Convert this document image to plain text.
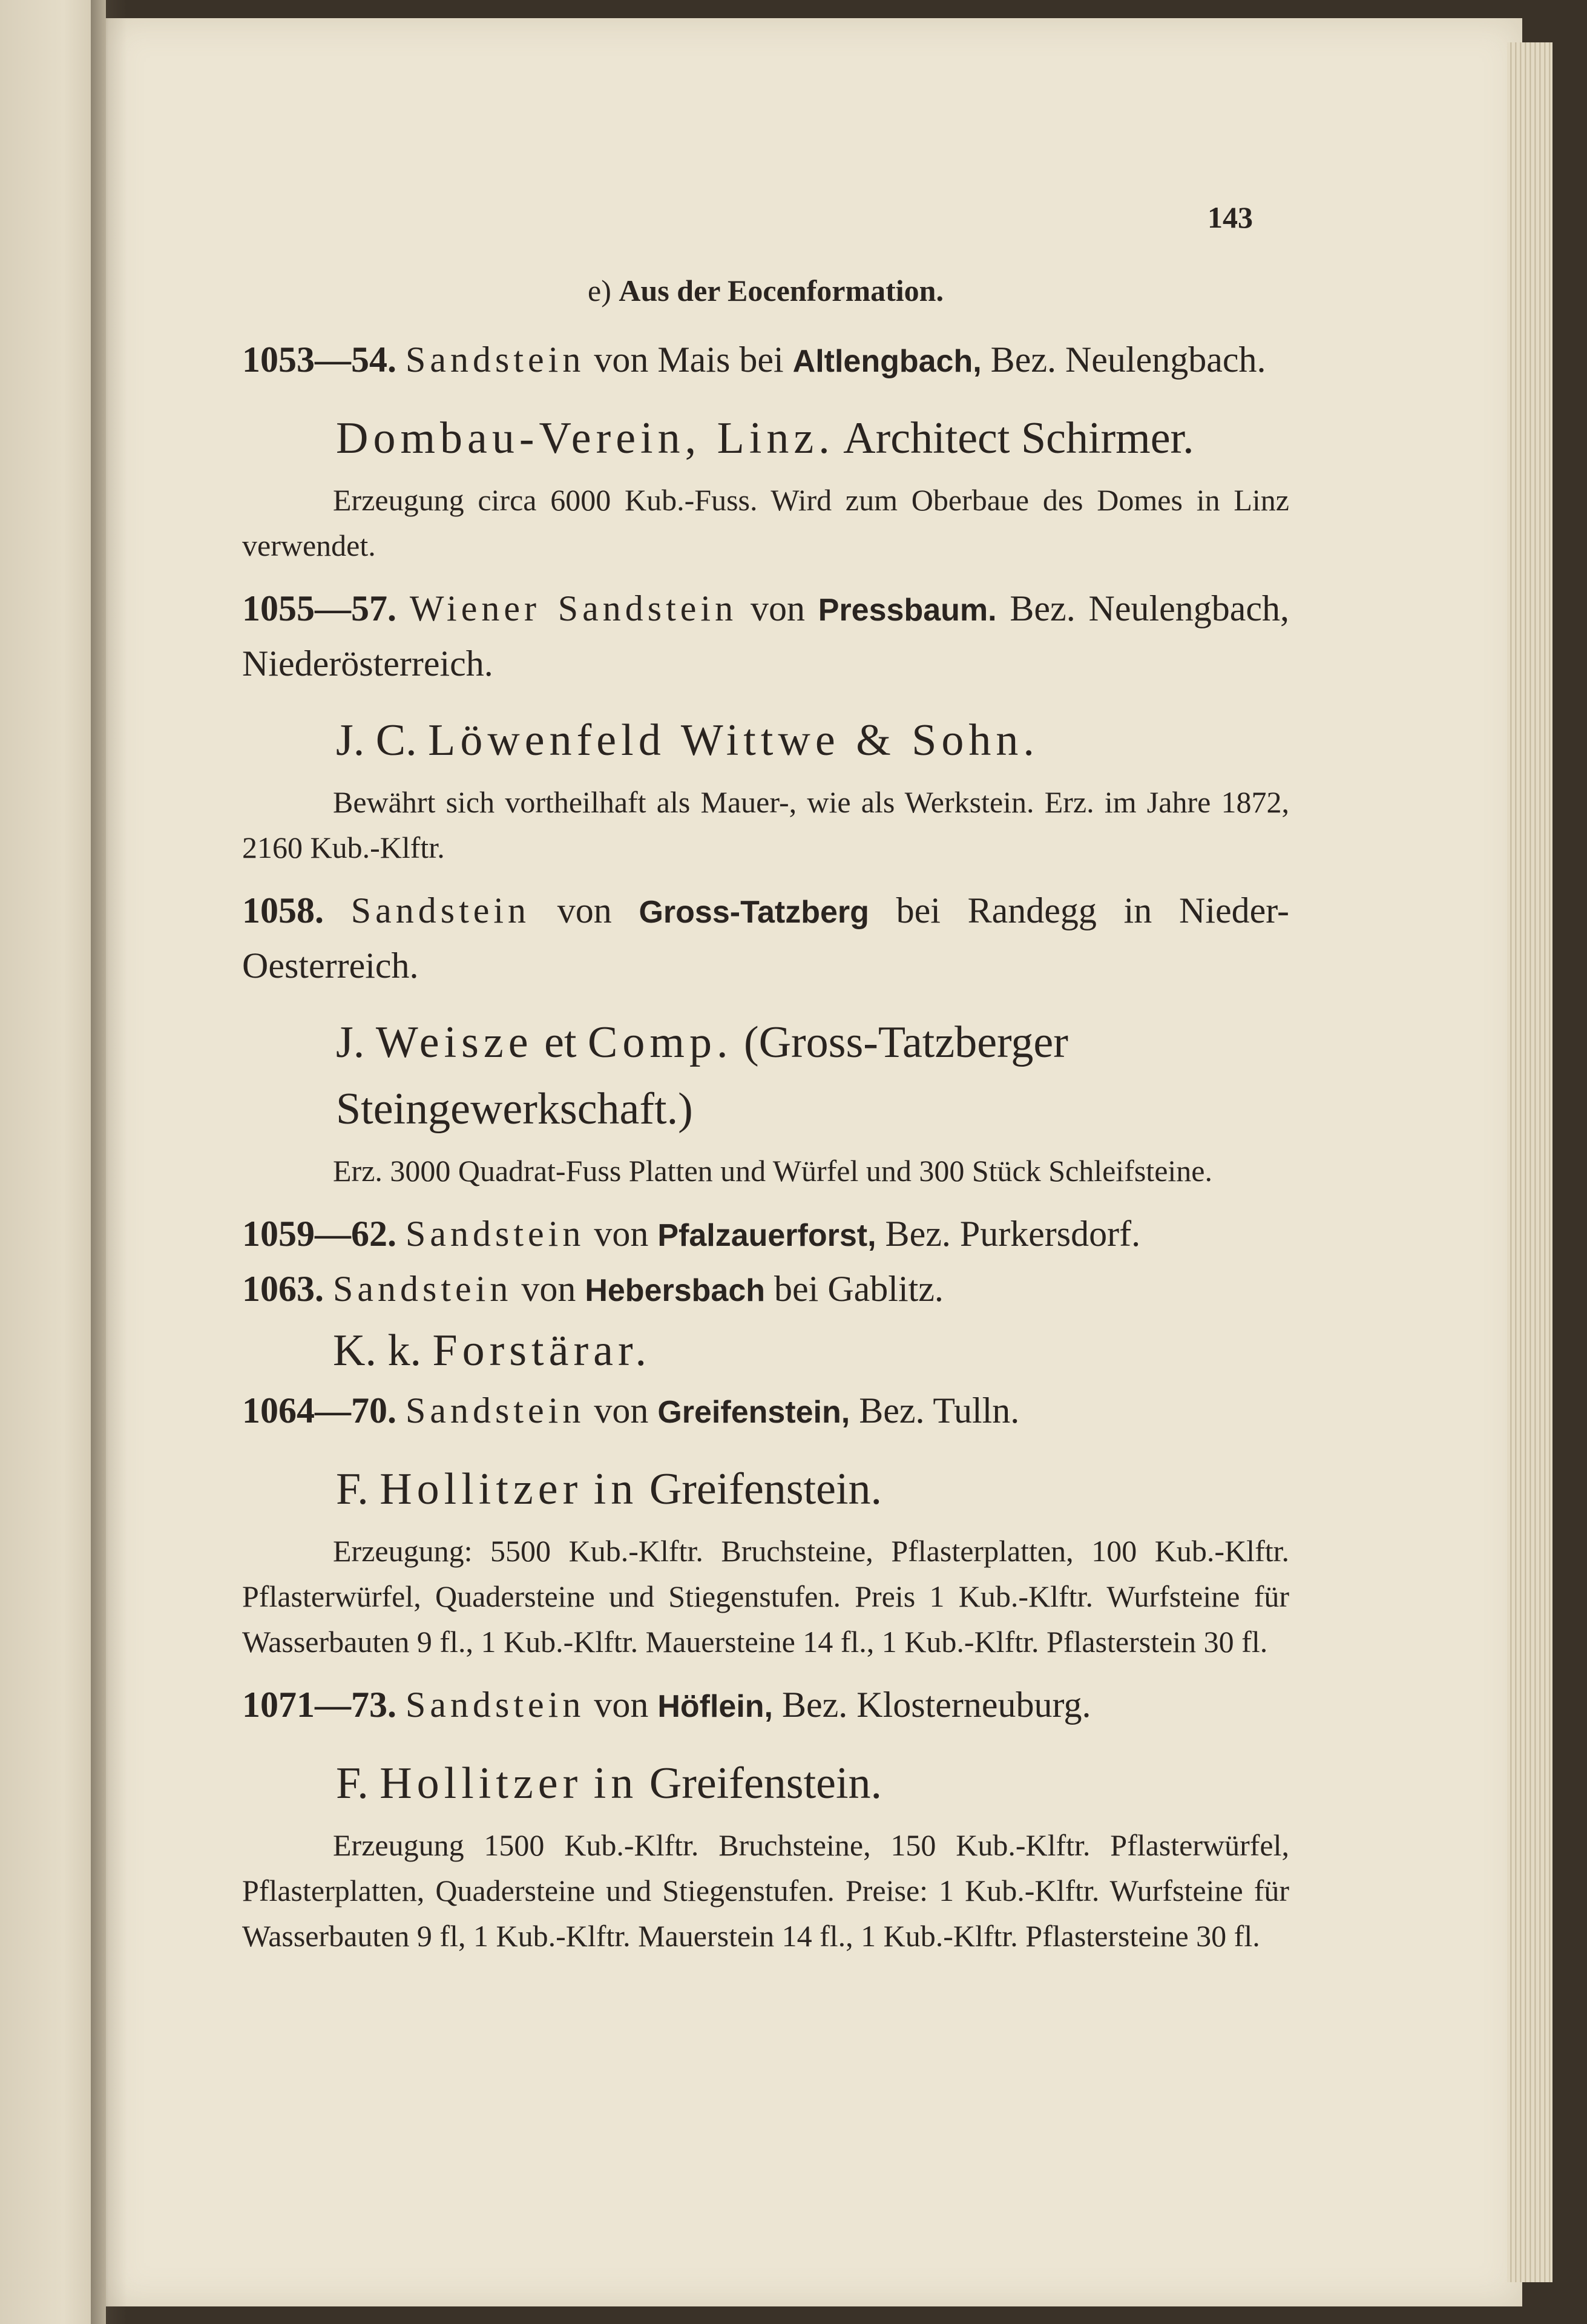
143
e) Aus der Eocenformation.
1053—54. Sandstein von Mais bei Altlengbach, Bez. Neulengbach.
Dombau-Verein, Linz. Architect Schirmer.
Erzeugung circa 6000 Kub.-Fuss. Wird zum Oberbaue des Domes in Linz verwendet.
1055—57. Wiener Sandstein von Pressbaum. Bez. Neulengbach, Niederösterreich.
J. C. Löwenfeld Wittwe & Sohn.
Bewährt sich vortheilhaft als Mauer-, wie als Werkstein. Erz. im Jahre 1872, 2160 Kub.-Klftr.
1058. Sandstein von Gross-Tatzberg bei Randegg in Nieder-Oesterreich.
J. Weisze et Comp. (Gross-Tatzberger Steingewerkschaft.)
Erz. 3000 Quadrat-Fuss Platten und Würfel und 300 Stück Schleifsteine.
1059—62. Sandstein von Pfalzauerforst, Bez. Purkersdorf.
1063. Sandstein von Hebersbach bei Gablitz.
K. k. Forstärar.
1064—70. Sandstein von Greifenstein, Bez. Tulln.
F. Hollitzer in Greifenstein.
Erzeugung: 5500 Kub.-Klftr. Bruchsteine, Pflasterplatten, 100 Kub.-Klftr. Pflasterwürfel, Quadersteine und Stiegenstufen. Preis 1 Kub.-Klftr. Wurfsteine für Wasserbauten 9 fl., 1 Kub.-Klftr. Mauersteine 14 fl., 1 Kub.-Klftr. Pflasterstein 30 fl.
1071—73. Sandstein von Höflein, Bez. Klosterneuburg.
F. Hollitzer in Greifenstein.
Erzeugung 1500 Kub.-Klftr. Bruchsteine, 150 Kub.-Klftr. Pflasterwürfel, Pflasterplatten, Quadersteine und Stiegenstufen. Preise: 1 Kub.-Klftr. Wurfsteine für Wasserbauten 9 fl, 1 Kub.-Klftr. Mauerstein 14 fl., 1 Kub.-Klftr. Pflastersteine 30 fl.
